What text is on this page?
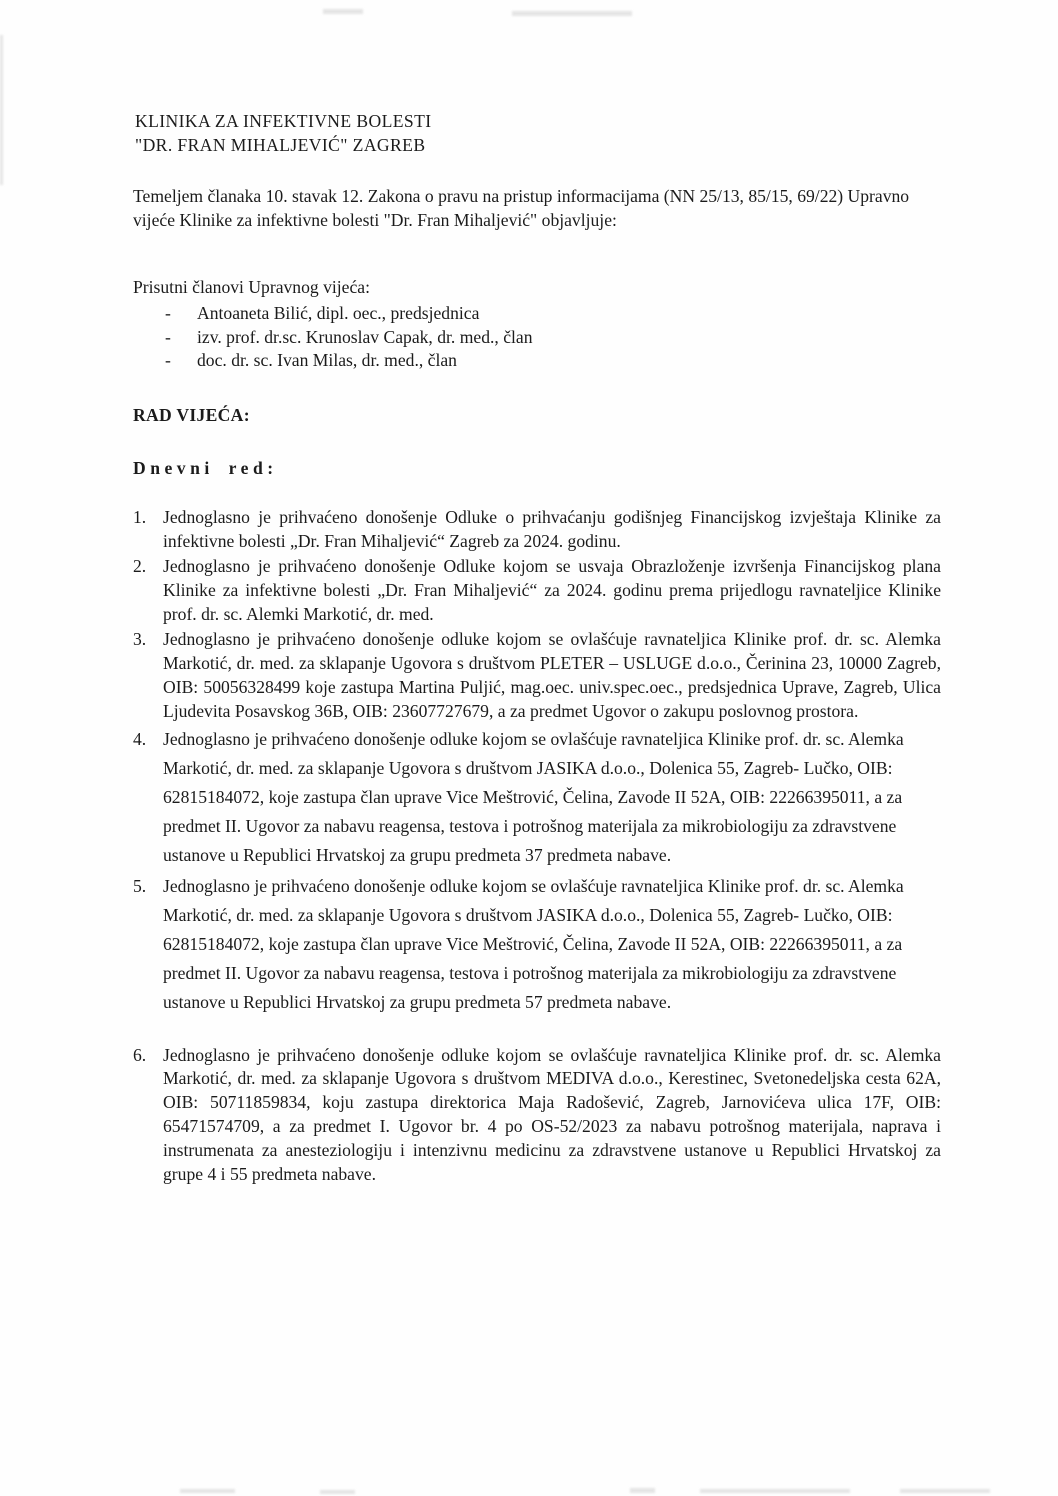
KLINIKA ZA INFEKTIVNE BOLESTI
"DR. FRAN MIHALJEVIĆ" ZAGREB

Temeljem članaka 10. stavak 12. Zakona o pravu na pristup informacijama (NN 25/13, 85/15, 69/22) Upravno vijeće Klinike za infektivne bolesti "Dr. Fran Mihaljević" objavljuje:

Prisutni članovi Upravnog vijeća:
- Antoaneta Bilić, dipl. oec., predsjednica
- izv. prof. dr.sc. Krunoslav Capak, dr. med., član
- doc. dr. sc. Ivan Milas, dr. med., član
RAD VIJEĆA:
Dnevni red:
1. Jednoglasno je prihvaćeno donošenje Odluke o prihvaćanju godišnjeg Financijskog izvještaja Klinike za infektivne bolesti „Dr. Fran Mihaljević“ Zagreb za 2024. godinu.
2. Jednoglasno je prihvaćeno donošenje Odluke kojom se usvaja Obrazloženje izvršenja Financijskog plana Klinike za infektivne bolesti „Dr. Fran Mihaljević“ za 2024. godinu prema prijedlogu ravnateljice Klinike prof. dr. sc. Alemki Markotić, dr. med.
3. Jednoglasno je prihvaćeno donošenje odluke kojom se ovlašćuje ravnateljica Klinike prof. dr. sc. Alemka Markotić, dr. med. za sklapanje Ugovora s društvom PLETER – USLUGE d.o.o., Čerinina 23, 10000 Zagreb, OIB: 50056328499 koje zastupa Martina Puljić, mag.oec. univ.spec.oec., predsjednica Uprave, Zagreb, Ulica Ljudevita Posavskog 36B, OIB: 23607727679, a za predmet Ugovor o zakupu poslovnog prostora.
4. Jednoglasno je prihvaćeno donošenje odluke kojom se ovlašćuje ravnateljica Klinike prof. dr. sc. Alemka Markotić, dr. med. za sklapanje Ugovora s društvom JASIKA d.o.o., Dolenica 55, Zagreb- Lučko, OIB: 62815184072, koje zastupa član uprave Vice Meštrović, Čelina, Zavode II 52A, OIB: 22266395011, a za predmet II. Ugovor za nabavu reagensa, testova i potrošnog materijala za mikrobiologiju za zdravstvene ustanove u Republici Hrvatskoj za grupu predmeta 37 predmeta nabave.
5. Jednoglasno je prihvaćeno donošenje odluke kojom se ovlašćuje ravnateljica Klinike prof. dr. sc. Alemka Markotić, dr. med. za sklapanje Ugovora s društvom JASIKA d.o.o., Dolenica 55, Zagreb- Lučko, OIB: 62815184072, koje zastupa član uprave Vice Meštrović, Čelina, Zavode II 52A, OIB: 22266395011, a za predmet II. Ugovor za nabavu reagensa, testova i potrošnog materijala za mikrobiologiju za zdravstvene ustanove u Republici Hrvatskoj za grupu predmeta 57 predmeta nabave.
6. Jednoglasno je prihvaćeno donošenje odluke kojom se ovlašćuje ravnateljica Klinike prof. dr. sc. Alemka Markotić, dr. med. za sklapanje Ugovora s društvom MEDIVA d.o.o., Kerestinec, Svetonedeljska cesta 62A, OIB: 50711859834, koju zastupa direktorica Maja Radošević, Zagreb, Jarnovićeva ulica 17F, OIB: 65471574709, a za predmet I. Ugovor br. 4 po OS-52/2023 za nabavu potrošnog materijala, naprava i instrumenata za anesteziologiju i intenzivnu medicinu za zdravstvene ustanove u Republici Hrvatskoj za grupe 4 i 55 predmeta nabave.
